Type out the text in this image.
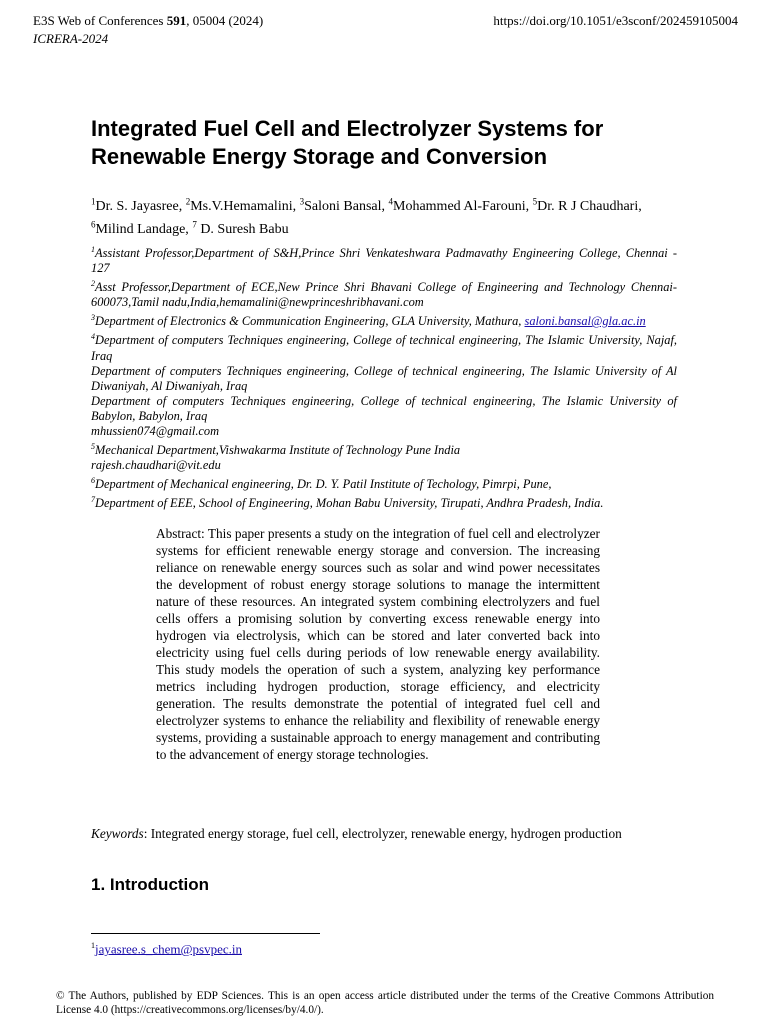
E3S Web of Conferences 591, 05004 (2024)
ICRERA-2024
https://doi.org/10.1051/e3sconf/202459105004
Integrated Fuel Cell and Electrolyzer Systems for Renewable Energy Storage and Conversion
$^1$Dr. S. Jayasree, $^2$Ms.V.Hemamalini, $^3$Saloni Bansal, $^4$Mohammed Al-Farouni, $^5$Dr. R J Chaudhari, $^6$Milind Landage, $^7$ D. Suresh Babu

$^1$Assistant Professor,Department of S&H,Prince Shri Venkateshwara Padmavathy Engineering College, Chennai - 127

$^2$Asst Professor,Department of ECE,New Prince Shri Bhavani College of Engineering and Technology Chennai-600073,Tamil nadu,India,hemamalini@newprinceshribhavani.com

$^3$Department of Electronics & Communication Engineering, GLA University, Mathura, saloni.bansal@gla.ac.in

$^4$Department of computers Techniques engineering, College of technical engineering, The Islamic University, Najaf, Iraq

Department of computers Techniques engineering, College of technical engineering, The Islamic University of Al Diwaniyah, Al Diwaniyah, Iraq

Department of computers Techniques engineering, College of technical engineering, The Islamic University of Babylon, Babylon, Iraq

mhussien074@gmail.com

$^5$Mechanical Department,Vishwakarma Institute of Technology Pune India

rajesh.chaudhari@vit.edu

$^6$Department of Mechanical engineering, Dr. D. Y. Patil Institute of Techology, Pimrpi, Pune,

$^7$Department of EEE, School of Engineering, Mohan Babu University, Tirupati, Andhra Pradesh, India.

Abstract: This paper presents a study on the integration of fuel cell and electrolyzer systems for efficient renewable energy storage and conversion. The increasing reliance on renewable energy sources such as solar and wind power necessitates the development of robust energy storage solutions to manage the intermittent nature of these resources. An integrated system combining electrolyzers and fuel cells offers a promising solution by converting excess renewable energy into hydrogen via electrolysis, which can be stored and later converted back into electricity using fuel cells during periods of low renewable energy availability. This study models the operation of such a system, analyzing key performance metrics including hydrogen production, storage efficiency, and electricity generation. The results demonstrate the potential of integrated fuel cell and electrolyzer systems to enhance the reliability and flexibility of renewable energy systems, providing a sustainable approach to energy management and contributing to the advancement of energy storage technologies.
Keywords: Integrated energy storage, fuel cell, electrolyzer, renewable energy, hydrogen production
1. Introduction
$^1$jayasree.s_chem@psvpec.in
© The Authors, published by EDP Sciences. This is an open access article distributed under the terms of the Creative Commons Attribution License 4.0 (https://creativecommons.org/licenses/by/4.0/).
